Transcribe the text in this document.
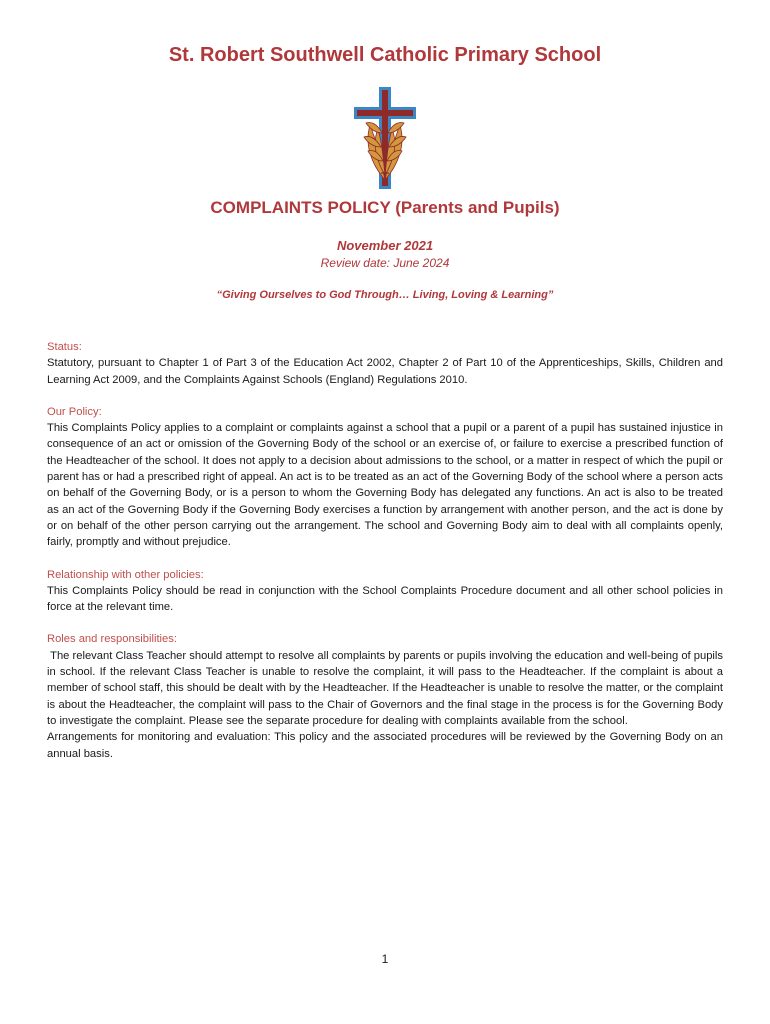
St. Robert Southwell Catholic Primary School
COMPLAINTS POLICY (Parents and Pupils)
November 2021
Review date: June 2024
“Giving Ourselves to God Through… Living, Loving & Learning”

Status:

Statutory, pursuant to Chapter 1 of Part 3 of the Education Act 2002, Chapter 2 of Part 10 of the Apprenticeships, Skills, Children and Learning Act 2009, and the Complaints Against Schools (England) Regulations 2010.

Our Policy:

This Complaints Policy applies to a complaint or complaints against a school that a pupil or a parent of a pupil has sustained injustice in consequence of an act or omission of the Governing Body of the school or an exercise of, or failure to exercise a prescribed function of the Headteacher of the school. It does not apply to a decision about admissions to the school, or a matter in respect of which the pupil or parent has or had a prescribed right of appeal. An act is to be treated as an act of the Governing Body of the school where a person acts on behalf of the Governing Body, or is a person to whom the Governing Body has delegated any functions. An act is also to be treated as an act of the Governing Body if the Governing Body exercises a function by arrangement with another person, and the act is done by or on behalf of the other person carrying out the arrangement. The school and Governing Body aim to deal with all complaints openly, fairly, promptly and without prejudice.

Relationship with other policies:

This Complaints Policy should be read in conjunction with the School Complaints Procedure document and all other school policies in force at the relevant time.

Roles and responsibilities:

The relevant Class Teacher should attempt to resolve all complaints by parents or pupils involving the education and well-being of pupils in school. If the relevant Class Teacher is unable to resolve the complaint, it will pass to the Headteacher. If the complaint is about a member of school staff, this should be dealt with by the Headteacher. If the Headteacher is unable to resolve the matter, or the complaint is about the Headteacher, the complaint will pass to the Chair of Governors and the final stage in the process is for the Governing Body to investigate the complaint. Please see the separate procedure for dealing with complaints available from the school.

Arrangements for monitoring and evaluation: This policy and the associated procedures will be reviewed by the Governing Body on an annual basis.

1
